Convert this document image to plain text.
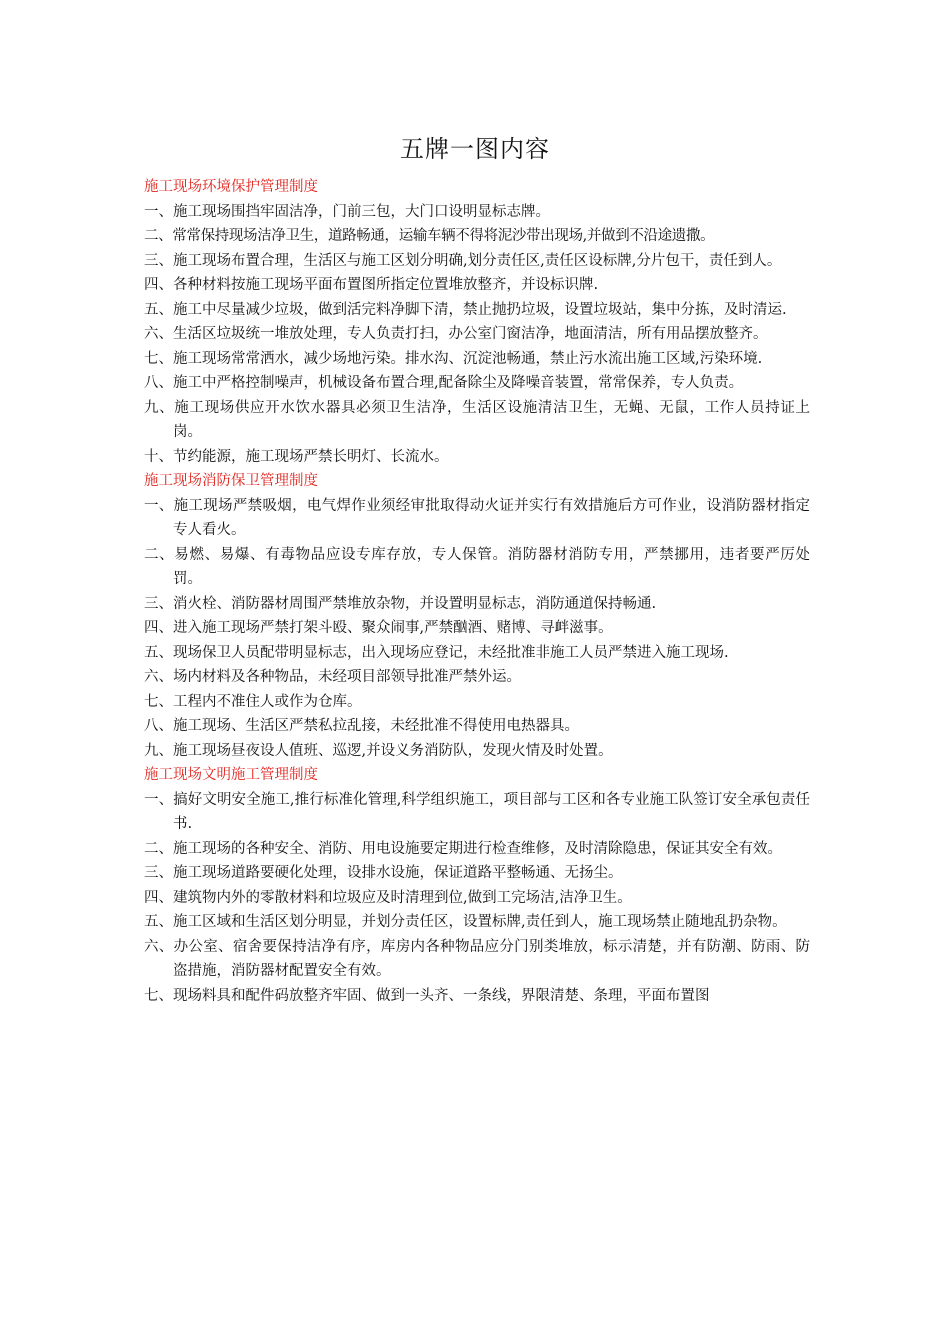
五牌一图内容

施工现场环境保护管理制度

一、施工现场围挡牢固洁净，门前三包，大门口设明显标志牌。

二、常常保持现场洁净卫生，道路畅通，运输车辆不得将泥沙带出现场,并做到不沿途遗撒。

三、施工现场布置合理，生活区与施工区划分明确,划分责任区,责任区设标牌,分片包干，责任到人。

四、各种材料按施工现场平面布置图所指定位置堆放整齐，并设标识牌.

五、施工中尽量减少垃圾，做到活完料净脚下清，禁止抛扔垃圾，设置垃圾站，集中分拣，及时清运.

六、生活区垃圾统一堆放处理，专人负责打扫，办公室门窗洁净，地面清洁，所有用品摆放整齐。

七、施工现场常常洒水，减少场地污染。排水沟、沉淀池畅通，禁止污水流出施工区域,污染环境.

八、施工中严格控制噪声，机械设备布置合理,配备除尘及降噪音装置，常常保养，专人负责。

九、施工现场供应开水饮水器具必须卫生洁净，生活区设施清洁卫生，无蝇、无鼠，工作人员持证上岗。

十、节约能源，施工现场严禁长明灯、长流水。

施工现场消防保卫管理制度

一、施工现场严禁吸烟，电气焊作业须经审批取得动火证并实行有效措施后方可作业，设消防器材指定专人看火。

二、易燃、易爆、有毒物品应设专库存放，专人保管。消防器材消防专用，严禁挪用，违者要严厉处罚。

三、消火栓、消防器材周围严禁堆放杂物，并设置明显标志，消防通道保持畅通.

四、进入施工现场严禁打架斗殴、聚众闹事,严禁酗酒、赌博、寻衅滋事。

五、现场保卫人员配带明显标志，出入现场应登记，未经批准非施工人员严禁进入施工现场.

六、场内材料及各种物品，未经项目部领导批准严禁外运。

七、工程内不准住人或作为仓库。

八、施工现场、生活区严禁私拉乱接，未经批准不得使用电热器具。

九、施工现场昼夜设人值班、巡逻,并设义务消防队，发现火情及时处置。

施工现场文明施工管理制度

一、搞好文明安全施工,推行标准化管理,科学组织施工，项目部与工区和各专业施工队签订安全承包责任书.

二、施工现场的各种安全、消防、用电设施要定期进行检查维修，及时清除隐患，保证其安全有效。

三、施工现场道路要硬化处理，设排水设施，保证道路平整畅通、无扬尘。

四、建筑物内外的零散材料和垃圾应及时清理到位,做到工完场洁,洁净卫生。

五、施工区域和生活区划分明显，并划分责任区，设置标牌,责任到人，施工现场禁止随地乱扔杂物。

六、办公室、宿舍要保持洁净有序，库房内各种物品应分门别类堆放，标示清楚，并有防潮、防雨、防盗措施，消防器材配置安全有效。

七、现场料具和配件码放整齐牢固、做到一头齐、一条线，界限清楚、条理，平面布置图
